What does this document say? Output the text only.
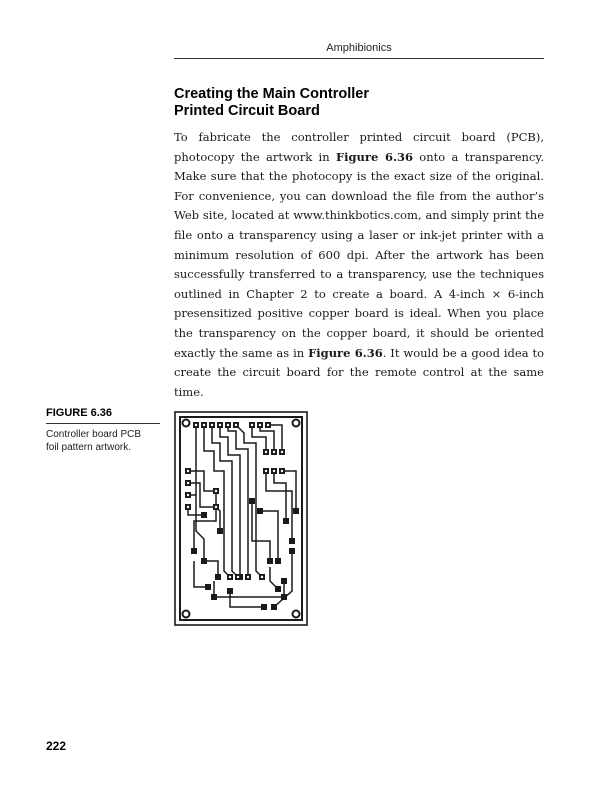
Amphibionics
Creating the Main Controller
Printed Circuit Board

To fabricate the controller printed circuit board (PCB), photocopy the artwork in Figure 6.36 onto a transparency. Make sure that the photocopy is the exact size of the original. For convenience, you can download the file from the author’s Web site, located at www.thinkbotics.com, and simply print the file onto a transparency using a laser or ink-jet printer with a minimum resolution of 600 dpi. After the artwork has been successfully transferred to a transparency, use the techniques outlined in Chapter 2 to create a board. A 4-inch × 6-inch presensitized positive copper board is ideal. When you place the transparency on the copper board, it should be oriented exactly the same as in Figure 6.36. It would be a good idea to create the circuit board for the remote control at the same time.

FIGURE 6.36
Controller board PCB foil pattern artwork.
222
